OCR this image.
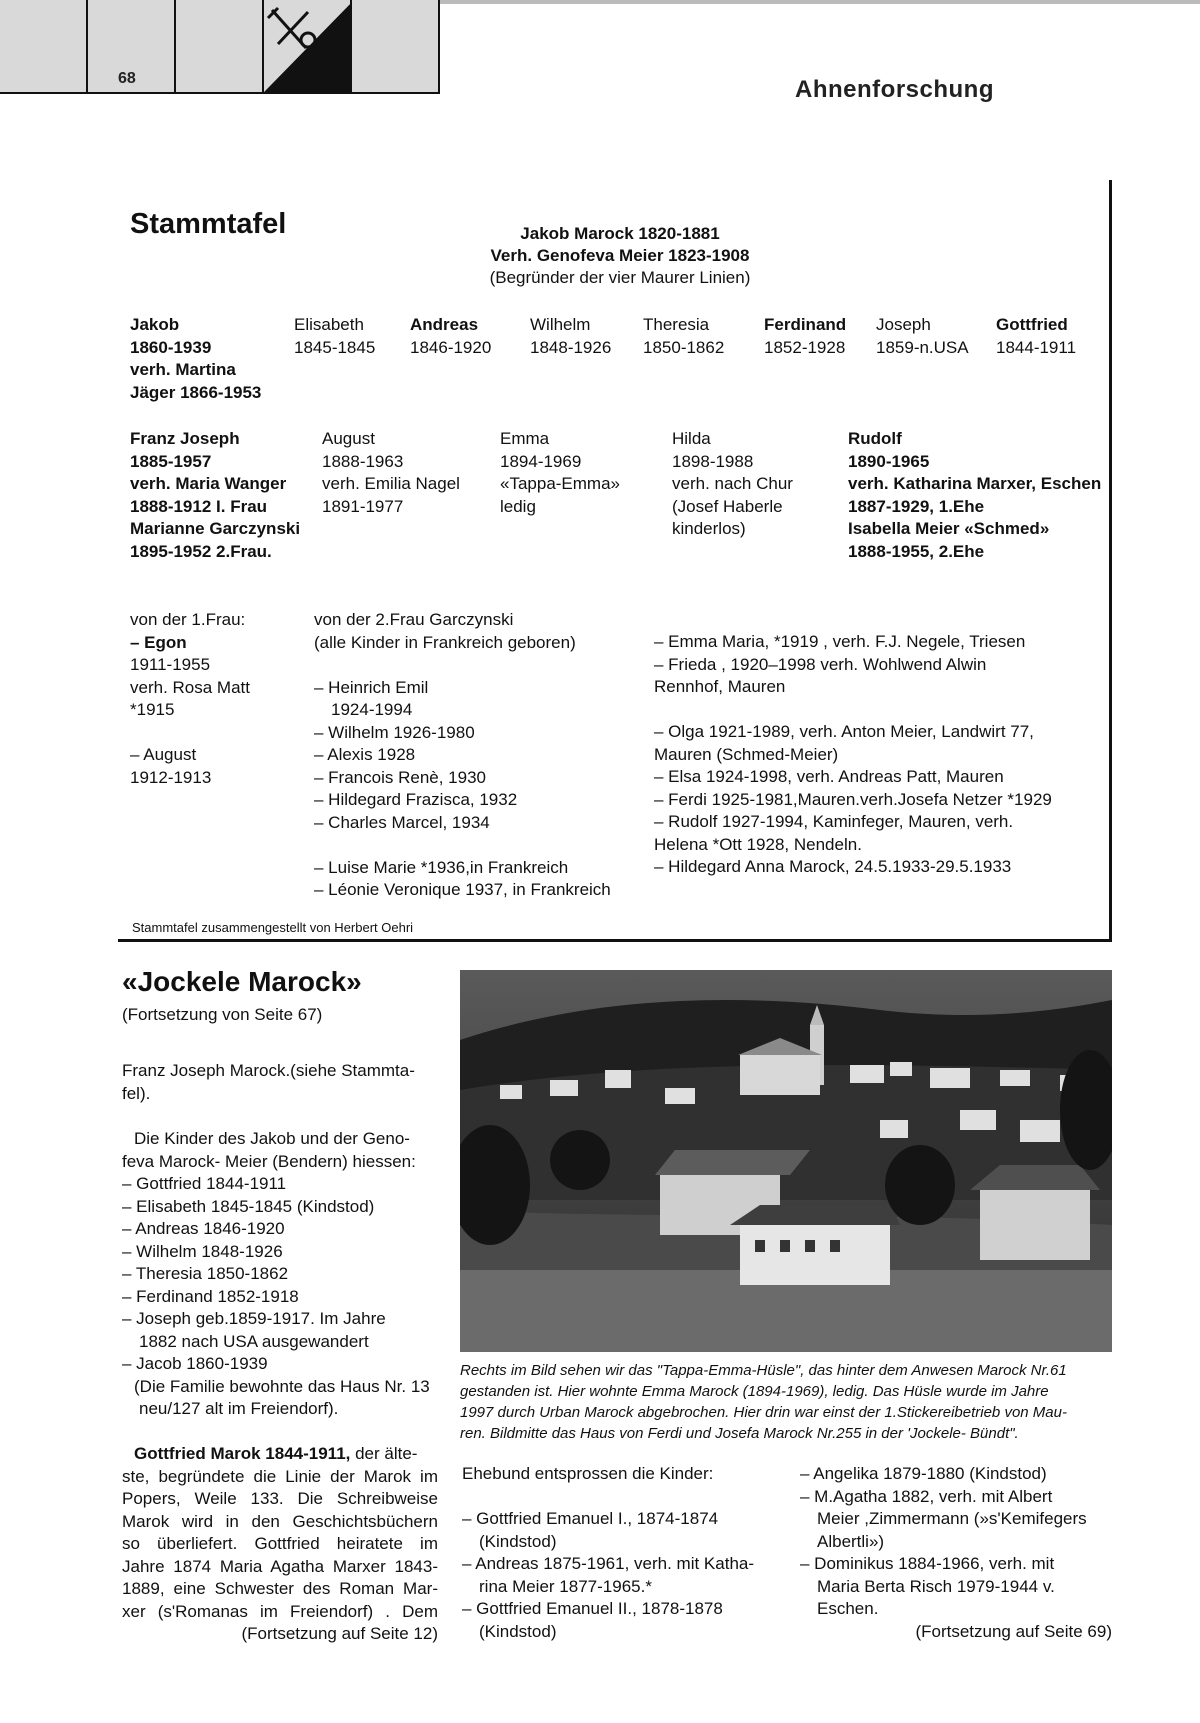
68	Ahnenforschung
Stammtafel	Jakob Marock 1820-1881
Verh. Genofeva Meier 1823-1908
(Begründer der vier Maurer Linien)
Jakob
1860-1939
verh. Martina
Jäger 1866-1953
Elisabeth
1845-1845
Andreas
1846-1920
Wilhelm
1848-1926
Theresia
1850-1862
Ferdinand
1852-1928
Joseph
1859-n.USA
Gottfried
1844-1911
Franz Joseph
1885-1957
verh. Maria Wanger
1888-1912 I. Frau
Marianne Garczynski
1895-1952 2.Frau.
August
1888-1963
verh. Emilia Nagel
1891-1977
Emma
1894-1969
«Tappa-Emma»
ledig
Hilda
1898-1988
verh. nach Chur
(Josef Haberle
kinderlos)
Rudolf
1890-1965
verh. Katharina Marxer, Eschen
1887-1929, 1.Ehe
Isabella Meier «Schmed»
1888-1955, 2.Ehe
von der 1.Frau:
– Egon
1911-1955
verh. Rosa Matt
*1915
– August
1912-1913
von der 2.Frau Garczynski
(alle Kinder in Frankreich geboren)
– Heinrich Emil
1924-1994
– Wilhelm 1926-1980
– Alexis 1928
– Francois Renè, 1930
– Hildegard Frazisca, 1932
– Charles Marcel, 1934
– Luise Marie *1936,in Frankreich
– Léonie Veronique 1937, in Frankreich
– Emma Maria, *1919 , verh. F.J. Negele, Triesen
– Frieda , 1920–1998 verh. Wohlwend Alwin
Rennhof, Mauren
– Olga 1921-1989, verh. Anton Meier, Landwirt 77,
Mauren (Schmed-Meier)
– Elsa 1924-1998, verh. Andreas Patt, Mauren
– Ferdi 1925-1981,Mauren.verh.Josefa Netzer *1929
– Rudolf 1927-1994, Kaminfeger, Mauren, verh.
Helena *Ott 1928, Nendeln.
– Hildegard Anna Marock, 24.5.1933-29.5.1933
Stammtafel zusammengestellt von Herbert Oehri
«Jockele Marock»
(Fortsetzung von Seite 67)
Franz Joseph Marock.(siehe Stammta-
fel).
Die Kinder des Jakob und der Geno-
feva Marock- Meier (Bendern) hiessen:
– Gottfried 1844-1911
– Elisabeth 1845-1845 (Kindstod)
– Andreas 1846-1920
– Wilhelm 1848-1926
– Theresia 1850-1862
– Ferdinand 1852-1918
– Joseph geb.1859-1917. Im Jahre
1882 nach USA ausgewandert
– Jacob 1860-1939
(Die Familie bewohnte das Haus Nr. 13
neu/127 alt im Freiendorf).
Gottfried Marok 1844-1911, der älte-
ste, begründete die Linie der Marok im
Popers, Weile 133. Die Schreibweise
Marok wird in den Geschichtsbüchern
so überliefert. Gottfried heiratete im
Jahre 1874 Maria Agatha Marxer 1843-
1889, eine Schwester des Roman Mar-
xer (s'Romanas im Freiendorf) . Dem
(Fortsetzung auf Seite 12)
Rechts im Bild sehen wir das "Tappa-Emma-Hüsle", das hinter dem Anwesen Marock Nr.61
gestanden ist. Hier wohnte Emma Marock (1894-1969), ledig. Das Hüsle wurde im Jahre
1997 durch Urban Marock abgebrochen. Hier drin war einst der 1.Stickereibetrieb von Mau-
ren. Bildmitte das Haus von Ferdi und Josefa Marock Nr.255 in der 'Jockele- Bündt".
Ehebund entsprossen die Kinder:
– Gottfried Emanuel I., 1874-1874
(Kindstod)
– Andreas 1875-1961, verh. mit Katha-
rina Meier 1877-1965.*
– Gottfried Emanuel II., 1878-1878
(Kindstod)
– Angelika 1879-1880 (Kindstod)
– M.Agatha 1882, verh. mit Albert
Meier ,Zimmermann (»s'Kemifegers
Albertli»)
– Dominikus 1884-1966, verh. mit
Maria Berta Risch 1979-1944 v.
Eschen.
(Fortsetzung auf Seite 69)
